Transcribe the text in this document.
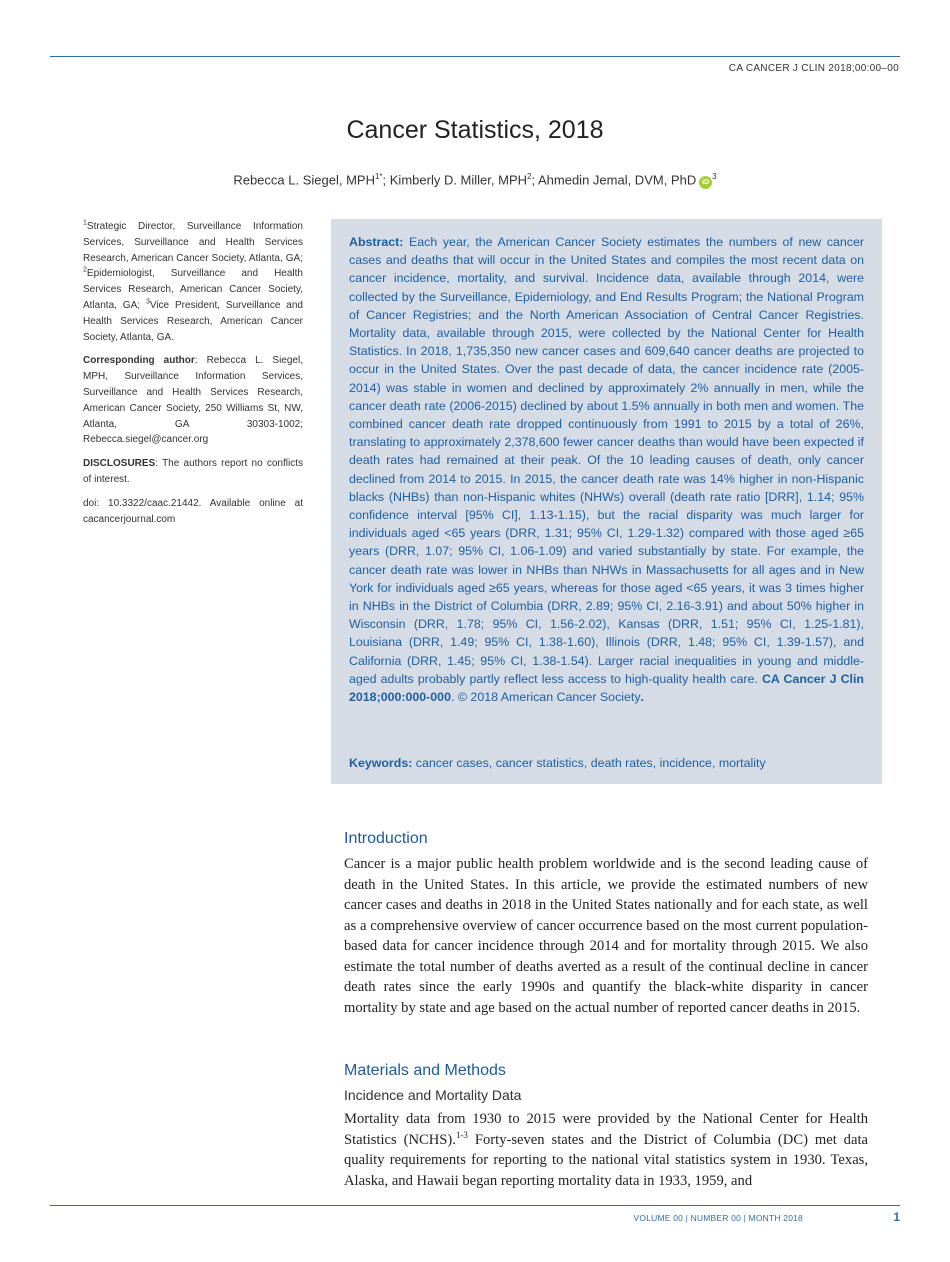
CA CANCER J CLIN 2018;00:00–00
Cancer Statistics, 2018
Rebecca L. Siegel, $MPH^{1*}$; Kimberly D. Miller, MPH$^2$; Ahmedin Jemal, DVM, PhD $iD^3$

$^1$Strategic Director, Surveillance Information Services, Surveillance and Health Services Research, American Cancer Society, Atlanta, GA; $^2$Epidemiologist, Surveillance and Health Services Research, American Cancer Society, Atlanta, GA; $^3$Vice President, Surveillance and Health Services Research, American Cancer Society, Atlanta, GA.

Corresponding author: Rebecca L. Siegel, MPH, Surveillance Information Services, Surveillance and Health Services Research, American Cancer Society, 250 Williams St, NW, Atlanta, GA 30303-1002; Rebecca.siegel@cancer.org

DISCLOSURES: The authors report no conflicts of interest.

doi: 10.3322/caac.21442. Available online at cacancerjournal.com

Abstract: Each year, the American Cancer Society estimates the numbers of new cancer cases and deaths that will occur in the United States and compiles the most recent data on cancer incidence, mortality, and survival. Incidence data, available through 2014, were collected by the Surveillance, Epidemiology, and End Results Program; the National Program of Cancer Registries; and the North American Association of Central Cancer Registries. Mortality data, available through 2015, were collected by the National Center for Health Statistics. In 2018, 1,735,350 new cancer cases and 609,640 cancer deaths are projected to occur in the United States. Over the past decade of data, the cancer incidence rate (2005-2014) was stable in women and declined by approximately 2% annually in men, while the cancer death rate (2006-2015) declined by about 1.5% annually in both men and women. The combined cancer death rate dropped continuously from 1991 to 2015 by a total of 26%, translating to approximately 2,378,600 fewer cancer deaths than would have been expected if death rates had remained at their peak. Of the 10 leading causes of death, only cancer declined from 2014 to 2015. In 2015, the cancer death rate was 14% higher in non-Hispanic blacks (NHBs) than non-Hispanic whites (NHWs) overall (death rate ratio [DRR], 1.14; 95% confidence interval [95% CI], 1.13-1.15), but the racial disparity was much larger for individuals aged <65 years (DRR, 1.31; 95% CI, 1.29-1.32) compared with those aged ≥65 years (DRR, 1.07; 95% CI, 1.06-1.09) and varied substantially by state. For example, the cancer death rate was lower in NHBs than NHWs in Massachusetts for all ages and in New York for individuals aged ≥65 years, whereas for those aged <65 years, it was 3 times higher in NHBs in the District of Columbia (DRR, 2.89; 95% CI, 2.16-3.91) and about 50% higher in Wisconsin (DRR, 1.78; 95% CI, 1.56-2.02), Kansas (DRR, 1.51; 95% CI, 1.25-1.81), Louisiana (DRR, 1.49; 95% CI, 1.38-1.60), Illinois (DRR, 1.48; 95% CI, 1.39-1.57), and California (DRR, 1.45; 95% CI, 1.38-1.54). Larger racial inequalities in young and middle-aged adults probably partly reflect less access to high-quality health care. CA Cancer J Clin 2018;000:000-000. © 2018 American Cancer Society.
Keywords: cancer cases, cancer statistics, death rates, incidence, mortality
Introduction

Cancer is a major public health problem worldwide and is the second leading cause of death in the United States. In this article, we provide the estimated numbers of new cancer cases and deaths in 2018 in the United States nationally and for each state, as well as a comprehensive overview of cancer occurrence based on the most current population-based data for cancer incidence through 2014 and for mortality through 2015. We also estimate the total number of deaths averted as a result of the continual decline in cancer death rates since the early 1990s and quantify the black-white disparity in cancer mortality by state and age based on the actual number of reported cancer deaths in 2015.

Materials and Methods
Incidence and Mortality Data

Mortality data from 1930 to 2015 were provided by the National Center for Health Statistics (NCHS).$^{1-3}$ Forty-seven states and the District of Columbia (DC) met data quality requirements for reporting to the national vital statistics system in 1930. Texas, Alaska, and Hawaii began reporting mortality data in 1933, 1959, and

VOLUME 00 | NUMBER 00 | MONTH 2018	1
